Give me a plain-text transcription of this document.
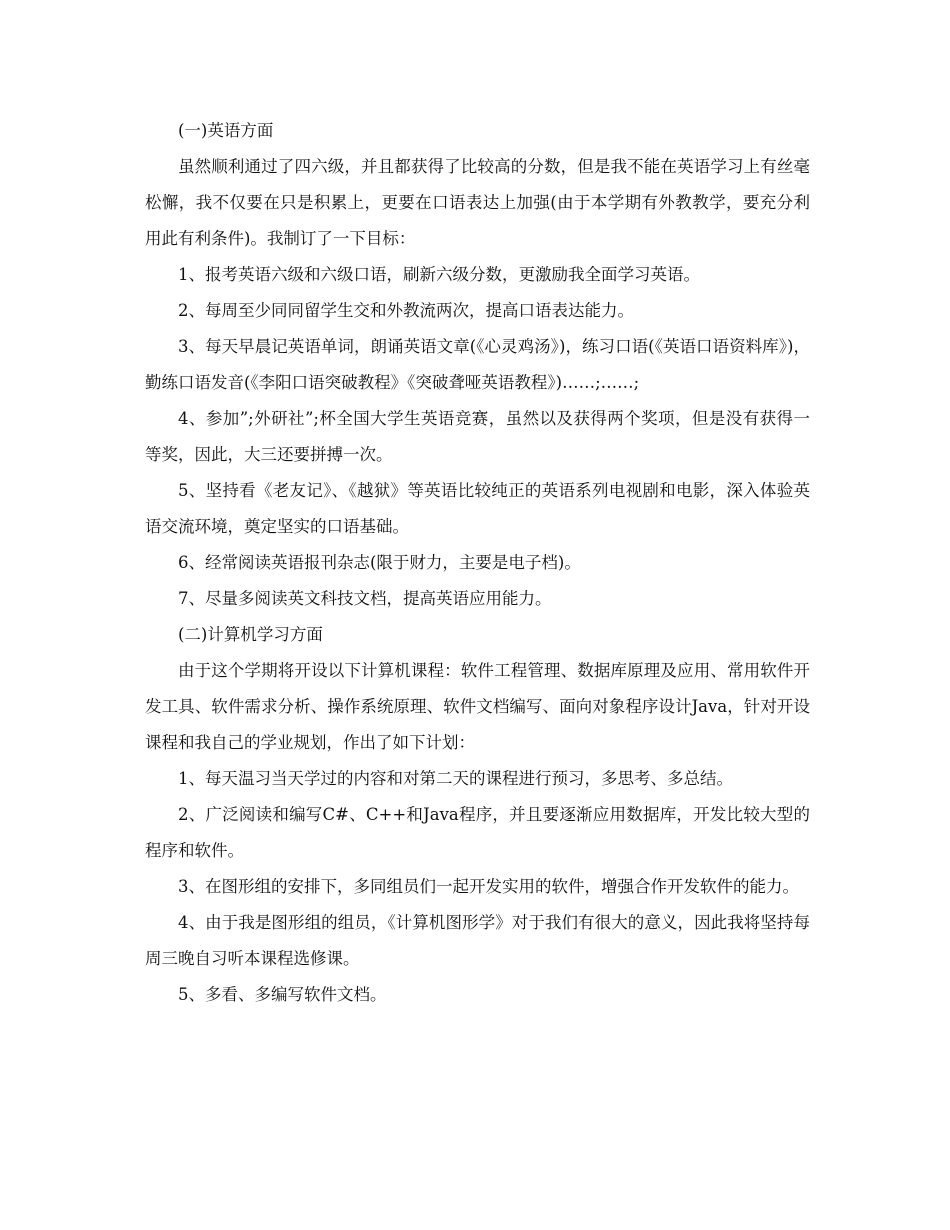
(一)英语方面

虽然顺利通过了四六级，并且都获得了比较高的分数，但是我不能在英语学习上有丝毫松懈，我不仅要在只是积累上，更要在口语表达上加强(由于本学期有外教教学，要充分利用此有利条件)。我制订了一下目标：

1、报考英语六级和六级口语，刷新六级分数，更激励我全面学习英语。

2、每周至少同同留学生交和外教流两次，提高口语表达能力。

3、每天早晨记英语单词，朗诵英语文章(《心灵鸡汤》)，练习口语(《英语口语资料库》)，勤练口语发音(《李阳口语突破教程》《突破聋哑英语教程》)……;……;

4、参加”;外研社”;杯全国大学生英语竞赛，虽然以及获得两个奖项，但是没有获得一等奖，因此，大三还要拼搏一次。

5、坚持看《老友记》、《越狱》等英语比较纯正的英语系列电视剧和电影，深入体验英语交流环境，奠定坚实的口语基础。

6、经常阅读英语报刊杂志(限于财力，主要是电子档)。

7、尽量多阅读英文科技文档，提高英语应用能力。

(二)计算机学习方面

由于这个学期将开设以下计算机课程：软件工程管理、数据库原理及应用、常用软件开发工具、软件需求分析、操作系统原理、软件文档编写、面向对象程序设计Java，针对开设课程和我自己的学业规划，作出了如下计划：

1、每天温习当天学过的内容和对第二天的课程进行预习，多思考、多总结。

2、广泛阅读和编写C#、C++和Java程序，并且要逐渐应用数据库，开发比较大型的程序和软件。

3、在图形组的安排下，多同组员们一起开发实用的软件，增强合作开发软件的能力。

4、由于我是图形组的组员，《计算机图形学》对于我们有很大的意义，因此我将坚持每周三晚自习听本课程选修课。

5、多看、多编写软件文档。
